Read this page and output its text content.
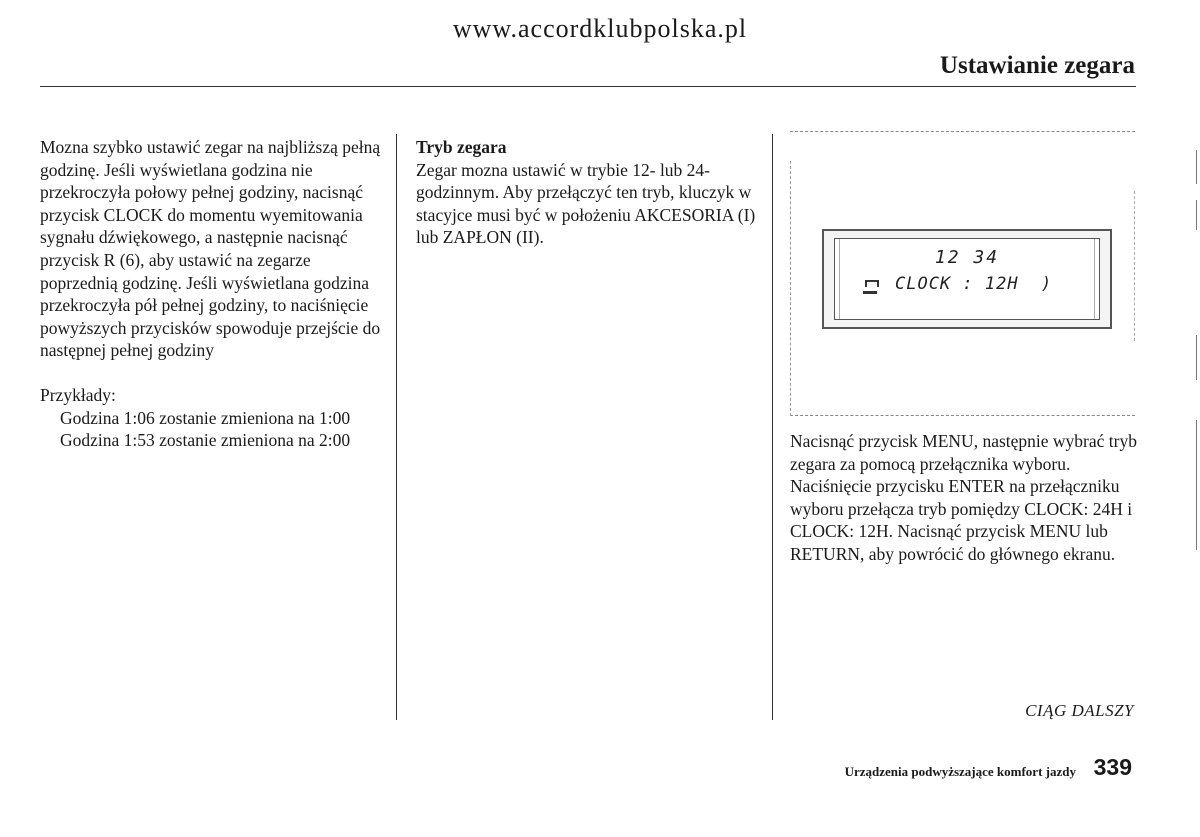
www.accordklubpolska.pl
Ustawianie zegara

Mozna szybko ustawić zegar na najbliższą pełną godzinę. Jeśli wyświetlana godzina nie przekroczyła połowy pełnej godziny, nacisnąć przycisk CLOCK do momentu wyemitowania sygnału dźwiękowego, a następnie nacisnąć przycisk R (6), aby ustawić na zegarze poprzednią godzinę. Jeśli wyświetlana godzina przekroczyła pół pełnej godziny, to naciśnięcie powyższych przycisków spowoduje przejście do następnej pełnej godziny

Przykłady:

Godzina 1:06 zostanie zmieniona na 1:00

Godzina 1:53 zostanie zmieniona na 2:00

Tryb zegara

Zegar mozna ustawić w trybie 12- lub 24-godzinnym. Aby przełączyć ten tryb, kluczyk w stacyjce musi być w położeniu AKCESORIA (I) lub ZAPŁON (II).

12 34
CLOCK : 12H  )

Nacisnąć przycisk MENU, następnie wybrać tryb zegara za pomocą przełącznika wyboru. Naciśnięcie przycisku ENTER na przełączniku wyboru przełącza tryb pomiędzy CLOCK: 24H i CLOCK: 12H. Nacisnąć przycisk MENU lub RETURN, aby powrócić do głównego ekranu.

CIĄG DALSZY
Urządzenia podwyższające komfort jazdy 339
